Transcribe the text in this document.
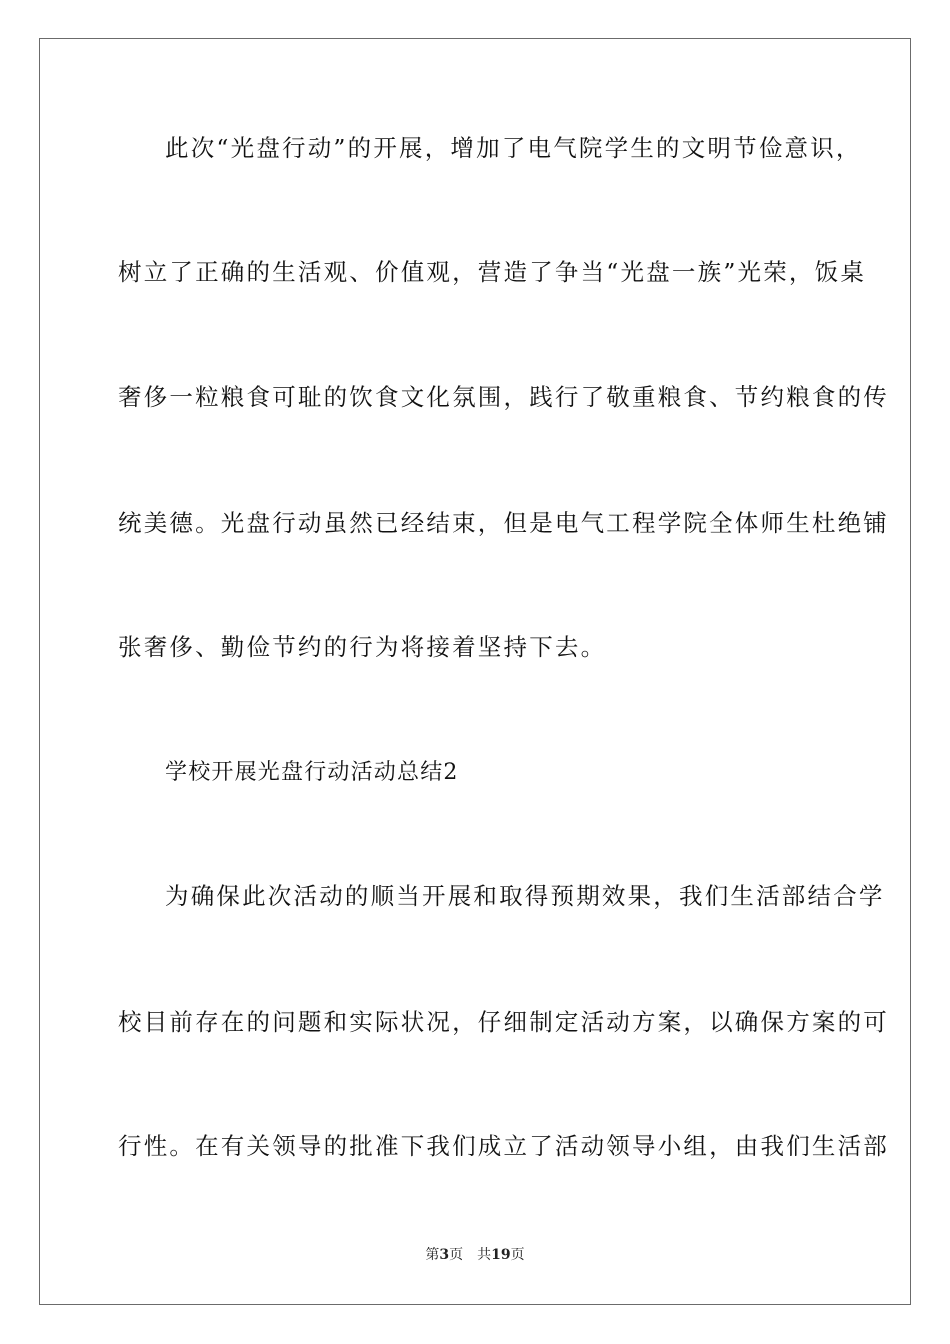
此次“光盘行动”的开展，增加了电气院学生的文明节俭意识，
树立了正确的生活观、价值观，营造了争当“光盘一族”光荣，饭桌
奢侈一粒粮食可耻的饮食文化氛围，践行了敬重粮食、节约粮食的传
统美德。光盘行动虽然已经结束，但是电气工程学院全体师生杜绝铺
张奢侈、勤俭节约的行为将接着坚持下去。
学校开展光盘行动活动总结2
为确保此次活动的顺当开展和取得预期效果，我们生活部结合学
校目前存在的问题和实际状况，仔细制定活动方案，以确保方案的可
行性。在有关领导的批准下我们成立了活动领导小组，由我们生活部
第3页 共19页
